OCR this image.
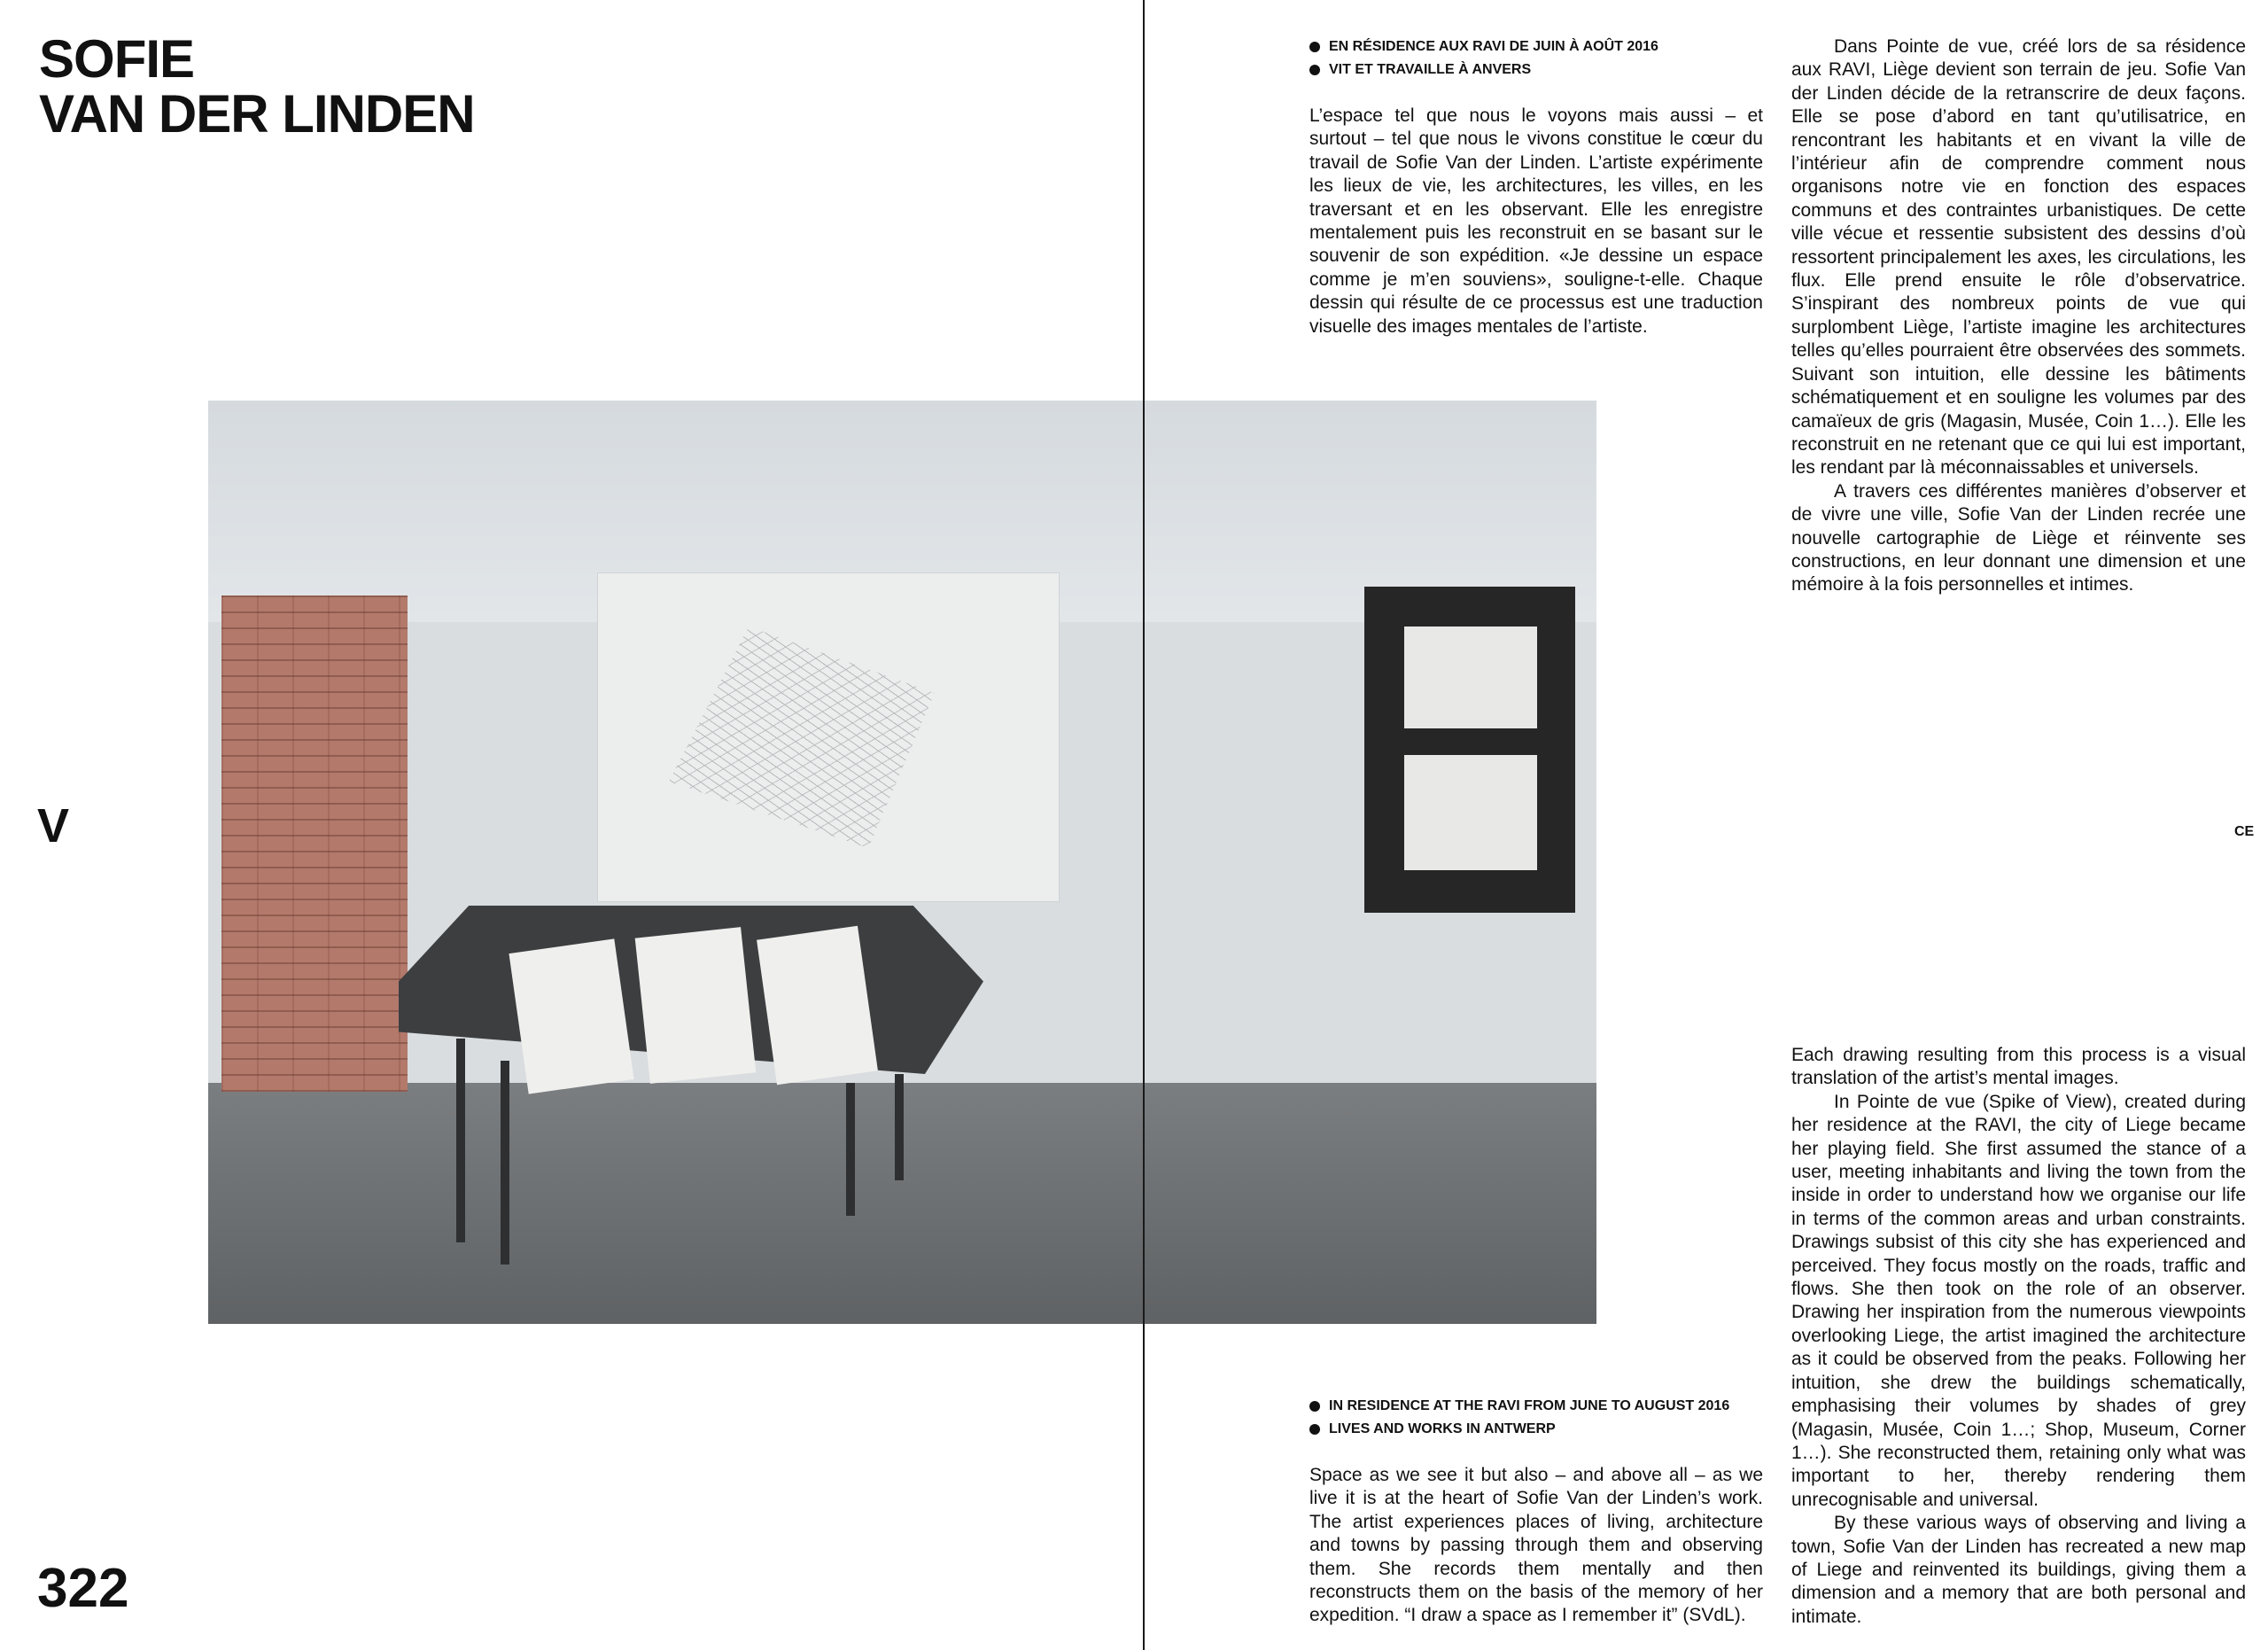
SOFIE
VAN DER LINDEN
V
322
EN RÉSIDENCE AUX RAVI DE JUIN À AOÛT 2016
VIT ET TRAVAILLE À ANVERS

L’espace tel que nous le voyons mais aussi – et surtout – tel que nous le vivons constitue le cœur du travail de Sofie Van der Linden. L’artiste expérimente les lieux de vie, les architectures, les villes, en les traversant et en les observant. Elle les enregistre mentalement puis les reconstruit en se basant sur le souvenir de son expédition. «Je dessine un espace comme je m’en souviens», souligne-t-elle. Chaque dessin qui résulte de ce processus est une traduction visuelle des images mentales de l’artiste.

Dans Pointe de vue, créé lors de sa résidence aux RAVI, Liège devient son terrain de jeu. Sofie Van der Linden décide de la retranscrire de deux façons. Elle se pose d’abord en tant qu’utilisatrice, en rencontrant les habitants et en vivant la ville de l’intérieur afin de comprendre comment nous organisons notre vie en fonction des espaces communs et des contraintes urbanistiques. De cette ville vécue et ressentie subsistent des dessins d’où ressortent principalement les axes, les circulations, les flux. Elle prend ensuite le rôle d’observatrice. S’inspirant des nombreux points de vue qui surplombent Liège, l’artiste imagine les architectures telles qu’elles pourraient être observées des sommets. Suivant son intuition, elle dessine les bâtiments schématiquement et en souligne les volumes par des camaïeux de gris (Magasin, Musée, Coin 1…). Elle les reconstruit en ne retenant que ce qui lui est important, les rendant par là méconnaissables et universels.

A travers ces différentes manières d’observer et de vivre une ville, Sofie Van der Linden recrée une nouvelle cartographie de Liège et réinvente ses constructions, en leur donnant une dimension et une mémoire à la fois personnelles et intimes.

CE
IN RESIDENCE AT THE RAVI FROM JUNE TO AUGUST 2016
LIVES AND WORKS IN ANTWERP

Space as we see it but also – and above all – as we live it is at the heart of Sofie Van der Linden’s work. The artist experiences places of living, architecture and towns by passing through them and observing them. She records them mentally and then reconstructs them on the basis of the memory of her expedition. “I draw a space as I remember it” (SVdL).

Each drawing resulting from this process is a visual translation of the artist’s mental images.

In Pointe de vue (Spike of View), created during her residence at the RAVI, the city of Liege became her playing field. She first assumed the stance of a user, meeting inhabitants and living the town from the inside in order to understand how we organise our life in terms of the common areas and urban constraints. Drawings subsist of this city she has experienced and perceived. They focus mostly on the roads, traffic and flows. She then took on the role of an observer. Drawing her inspiration from the numerous viewpoints overlooking Liege, the artist imagined the architecture as it could be observed from the peaks. Following her intuition, she drew the buildings schematically, emphasising their volumes by shades of grey (Magasin, Musée, Coin 1…; Shop, Museum, Corner 1…). She reconstructed them, retaining only what was important to her, thereby rendering them unrecognisable and universal.

By these various ways of observing and living a town, Sofie Van der Linden has recreated a new map of Liege and reinvented its buildings, giving them a dimension and a memory that are both personal and intimate.
